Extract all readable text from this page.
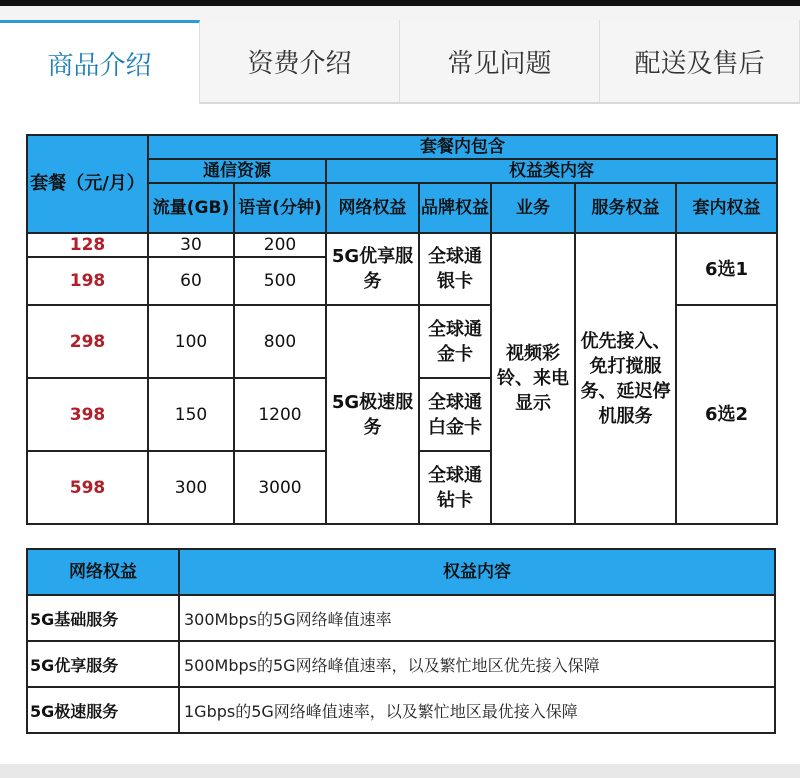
商品介绍	资费介绍	常见问题	配送及售后
套餐（元/月）	套餐内包含						
	通信资源		权益类内容				
	流量(GB)	语音(分钟)	网络权益	品牌权益	业务	服务权益	套内权益
128	30	200	5G优享服务	全球通银卡	视频彩铃、来电显示	优先接入、免打搅服务、延迟停机服务	6选1
198	60	500					
298	100	800	5G极速服务	全球通金卡			6选2
398	150	1200		全球通白金卡			
598	300	3000		全球通钻卡			
网络权益	权益内容
5G基础服务	300Mbps的5G网络峰值速率
5G优享服务	500Mbps的5G网络峰值速率，以及繁忙地区优先接入保障
5G极速服务	1Gbps的5G网络峰值速率，以及繁忙地区最优接入保障
